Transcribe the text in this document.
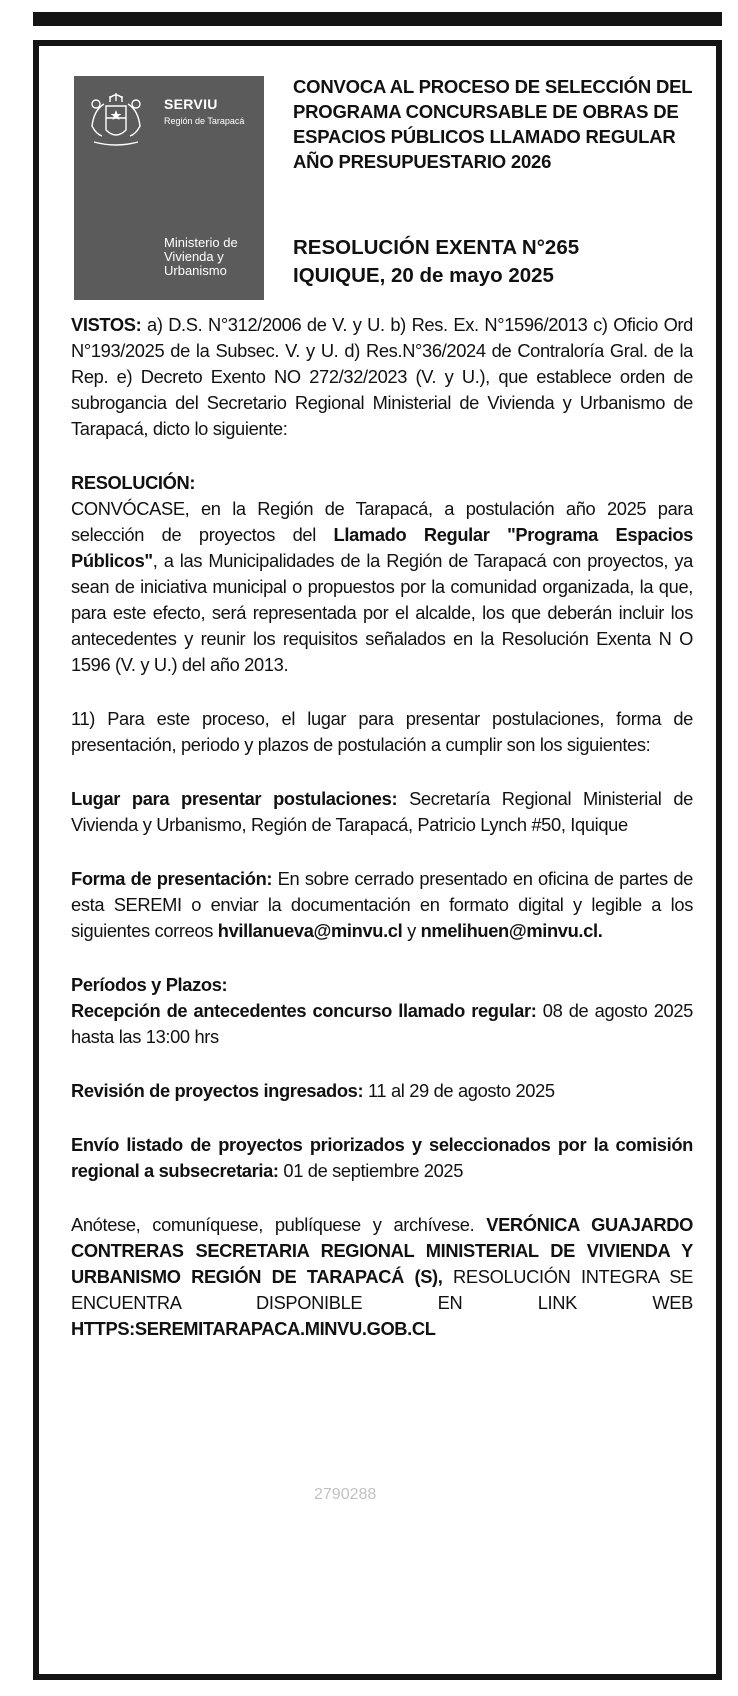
SERVIU
Región de Tarapacá
Ministerio de Vivienda y Urbanismo
CONVOCA AL PROCESO DE SELECCIÓN DEL PROGRAMA CONCURSABLE DE OBRAS DE ESPACIOS PÚBLICOS LLAMADO REGULAR AÑO PRESUPUESTARIO 2026
RESOLUCIÓN EXENTA N°265
IQUIQUE, 20 de mayo 2025

VISTOS: a) D.S. N°312/2006 de V. y U. b) Res. Ex. N°1596/2013 c) Oficio Ord N°193/2025 de la Subsec. V. y U. d) Res.N°36/2024 de Contraloría Gral. de la Rep. e) Decreto Exento NO 272/32/2023 (V. y U.), que establece orden de subrogancia del Secretario Regional Ministerial de Vivienda y Urbanismo de Tarapacá, dicto lo siguiente:

RESOLUCIÓN:
CONVÓCASE, en la Región de Tarapacá, a postulación año 2025 para selección de proyectos del Llamado Regular "Programa Espacios Públicos", a las Municipalidades de la Región de Tarapacá con proyectos, ya sean de iniciativa municipal o propuestos por la comunidad organizada, la que, para este efecto, será representada por el alcalde, los que deberán incluir los antecedentes y reunir los requisitos señalados en la Resolución Exenta N O 1596 (V. y U.) del año 2013.

11) Para este proceso, el lugar para presentar postulaciones, forma de presentación, periodo y plazos de postulación a cumplir son los siguientes:

Lugar para presentar postulaciones: Secretaría Regional Ministerial de Vivienda y Urbanismo, Región de Tarapacá, Patricio Lynch #50, Iquique

Forma de presentación: En sobre cerrado presentado en oficina de partes de esta SEREMI o enviar la documentación en formato digital y legible a los siguientes correos hvillanueva@minvu.cl y nmelihuen@minvu.cl.

Períodos y Plazos:
Recepción de antecedentes concurso llamado regular: 08 de agosto 2025 hasta las 13:00 hrs

Revisión de proyectos ingresados: 11 al 29 de agosto 2025

Envío listado de proyectos priorizados y seleccionados por la comisión regional a subsecretaria: 01 de septiembre 2025

Anótese, comuníquese, publíquese y archívese. VERÓNICA GUAJARDO CONTRERAS SECRETARIA REGIONAL MINISTERIAL DE VIVIENDA Y URBANISMO REGIÓN DE TARAPACÁ (S), RESOLUCIÓN INTEGRA SE ENCUENTRA DISPONIBLE EN LINK WEB HTTPS:SEREMITARAPACA.MINVU.GOB.CL

2790288
